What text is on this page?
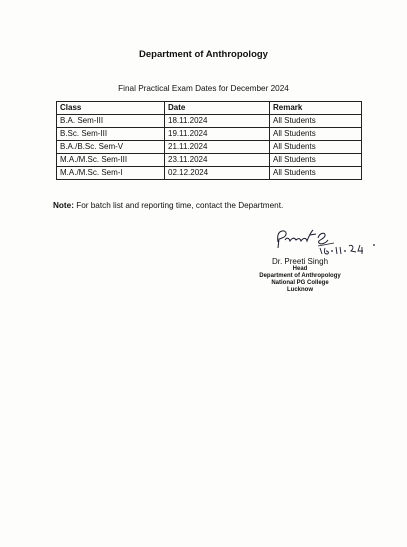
Department of Anthropology
Final Practical Exam Dates for December 2024
Class	Date	Remark
B.A. Sem-III	18.11.2024	All Students
B.Sc. Sem-III	19.11.2024	All Students
B.A./B.Sc. Sem-V	21.11.2024	All Students
M.A./M.Sc. Sem-III	23.11.2024	All Students
M.A./M.Sc. Sem-I	02.12.2024	All Students
Note: For batch list and reporting time, contact the Department.
Dr. Preeti Singh
Head
Department of Anthropology
National PG College
Lucknow
